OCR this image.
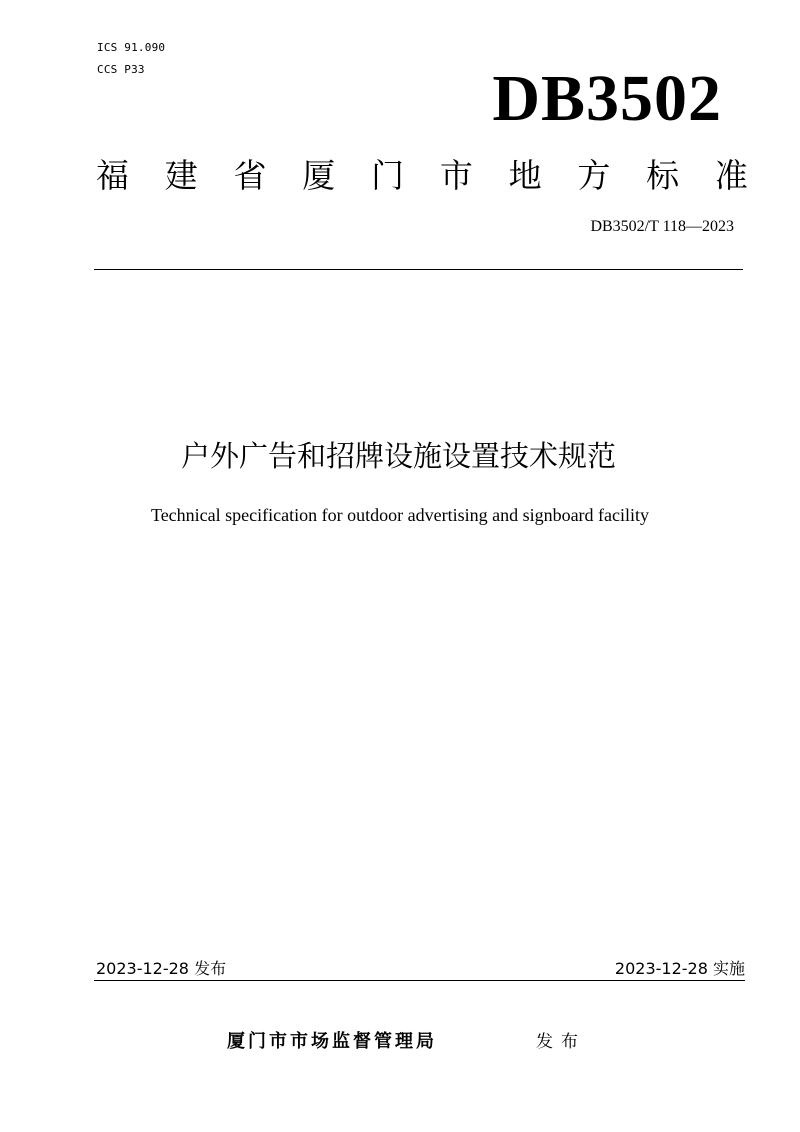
ICS 91.090
CCS P33	DB3502
福 建 省 厦 门 市 地 方 标 准
DB3502/T 118—2023
户外广告和招牌设施设置技术规范
Technical specification for outdoor advertising and signboard facility
2023-12-28 发布	2023-12-28 实施
厦门市市场监督管理局	发布
